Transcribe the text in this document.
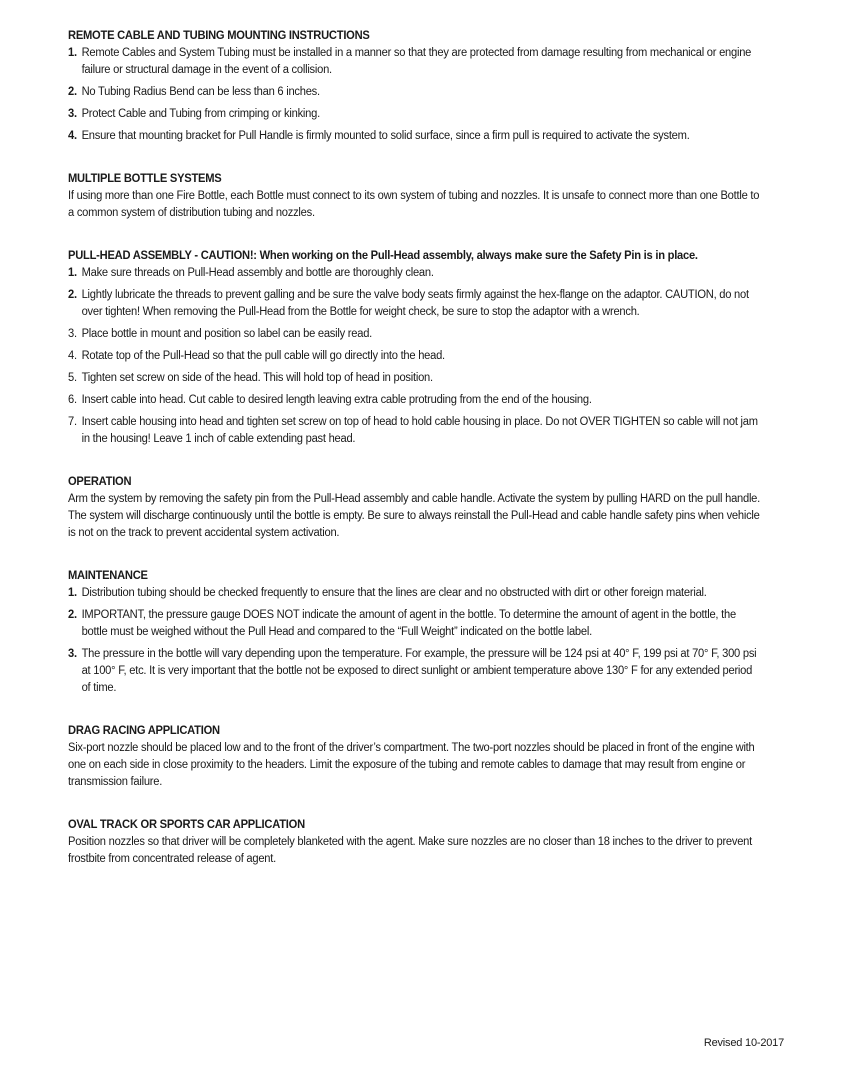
REMOTE CABLE AND TUBING MOUNTING INSTRUCTIONS
1. Remote Cables and System Tubing must be installed in a manner so that they are protected from damage resulting from mechanical or engine failure or structural damage in the event of a collision.
2. No Tubing Radius Bend can be less than 6 inches.
3. Protect Cable and Tubing from crimping or kinking.
4. Ensure that mounting bracket for Pull Handle is firmly mounted to solid surface, since a firm pull is required to activate the system.
MULTIPLE BOTTLE SYSTEMS

If using more than one Fire Bottle, each Bottle must connect to its own system of tubing and nozzles. It is unsafe to connect more than one Bottle to a common system of distribution tubing and nozzles.

PULL-HEAD ASSEMBLY - CAUTION!: When working on the Pull-Head assembly, always make sure the Safety Pin is in place.
1. Make sure threads on Pull-Head assembly and bottle are thoroughly clean.
2. Lightly lubricate the threads to prevent galling and be sure the valve body seats firmly against the hex-flange on the adaptor. CAUTION, do not over tighten! When removing the Pull-Head from the Bottle for weight check, be sure to stop the adaptor with a wrench.
3. Place bottle in mount and position so label can be easily read.
4. Rotate top of the Pull-Head so that the pull cable will go directly into the head.
5. Tighten set screw on side of the head. This will hold top of head in position.
6. Insert cable into head. Cut cable to desired length leaving extra cable protruding from the end of the housing.
7. Insert cable housing into head and tighten set screw on top of head to hold cable housing in place. Do not OVER TIGHTEN so cable will not jam in the housing! Leave 1 inch of cable extending past head.
OPERATION

Arm the system by removing the safety pin from the Pull-Head assembly and cable handle. Activate the system by pulling HARD on the pull handle. The system will discharge continuously until the bottle is empty. Be sure to always reinstall the Pull-Head and cable handle safety pins when vehicle is not on the track to prevent accidental system activation.

MAINTENANCE
1. Distribution tubing should be checked frequently to ensure that the lines are clear and no obstructed with dirt or other foreign material.
2. IMPORTANT, the pressure gauge DOES NOT indicate the amount of agent in the bottle. To determine the amount of agent in the bottle, the bottle must be weighed without the Pull Head and compared to the “Full Weight” indicated on the bottle label.
3. The pressure in the bottle will vary depending upon the temperature. For example, the pressure will be 124 psi at 40° F, 199 psi at 70° F, 300 psi at 100° F, etc. It is very important that the bottle not be exposed to direct sunlight or ambient temperature above 130° F for any extended period of time.
DRAG RACING APPLICATION

Six-port nozzle should be placed low and to the front of the driver’s compartment. The two-port nozzles should be placed in front of the engine with one on each side in close proximity to the headers. Limit the exposure of the tubing and remote cables to damage that may result from engine or transmission failure.

OVAL TRACK OR SPORTS CAR APPLICATION

Position nozzles so that driver will be completely blanketed with the agent. Make sure nozzles are no closer than 18 inches to the driver to prevent frostbite from concentrated release of agent.

Revised 10-2017
